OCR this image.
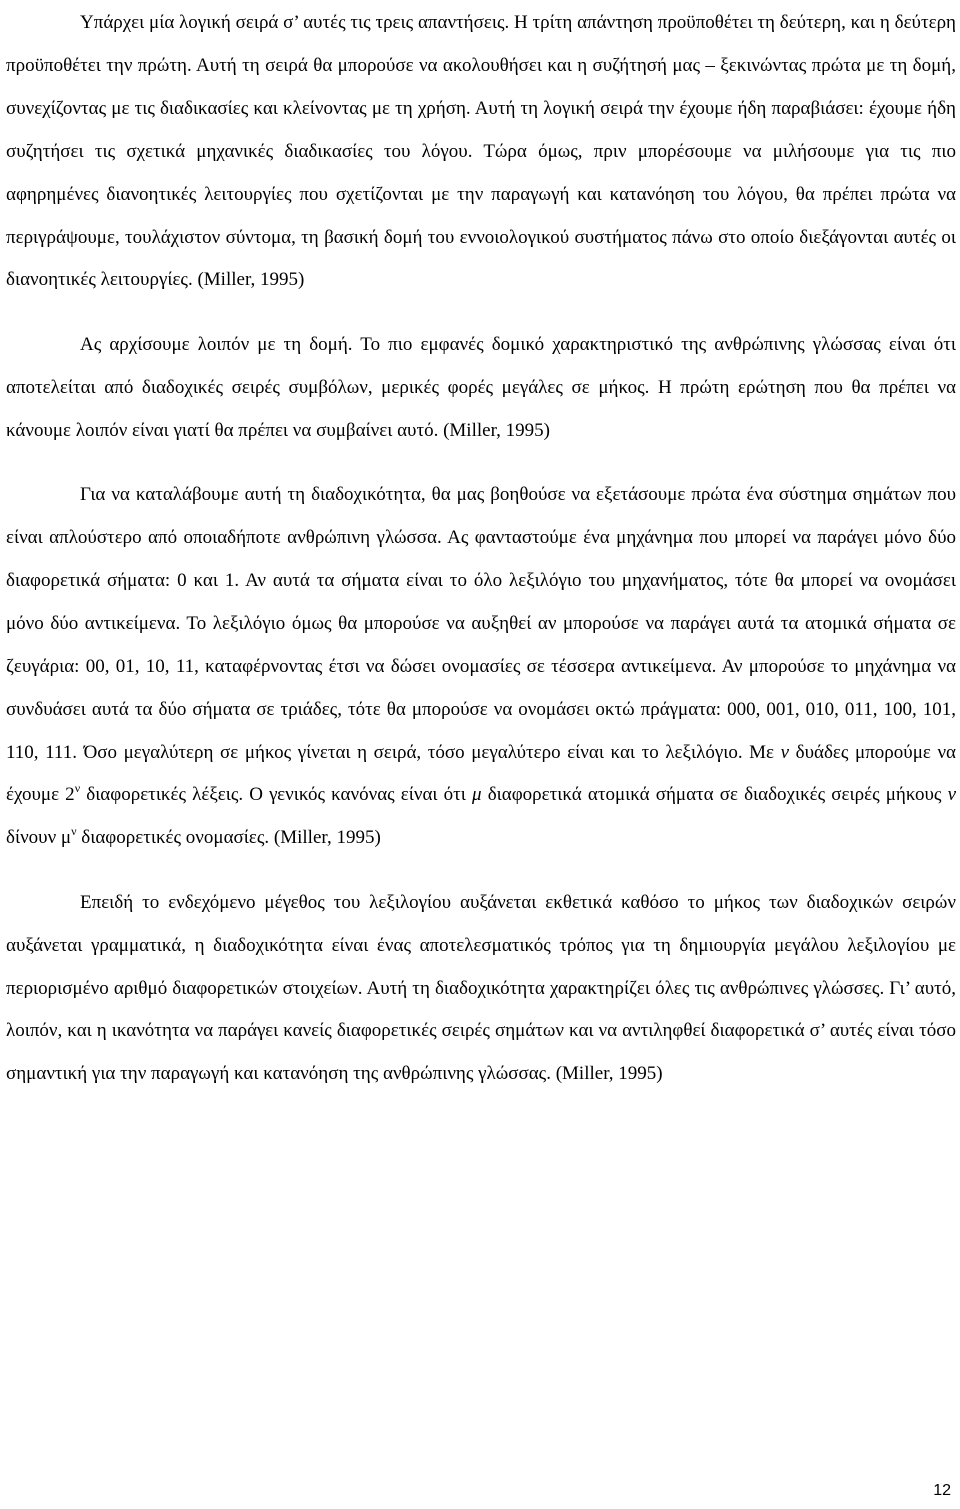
Υπάρχει μία λογική σειρά σ’ αυτές τις τρεις απαντήσεις. Η τρίτη απάντηση προϋποθέτει τη δεύτερη, και η δεύτερη προϋποθέτει την πρώτη. Αυτή τη σειρά θα μπορούσε να ακολουθήσει και η συζήτησή μας – ξεκινώντας πρώτα με τη δομή, συνεχίζοντας με τις διαδικασίες και κλείνοντας με τη χρήση. Αυτή τη λογική σειρά την έχουμε ήδη παραβιάσει: έχουμε ήδη συζητήσει τις σχετικά μηχανικές διαδικασίες του λόγου. Τώρα όμως, πριν μπορέσουμε να μιλήσουμε για τις πιο αφηρημένες διανοητικές λειτουργίες που σχετίζονται με την παραγωγή και κατανόηση του λόγου, θα πρέπει πρώτα να περιγράψουμε, τουλάχιστον σύντομα, τη βασική δομή του εννοιολογικού συστήματος πάνω στο οποίο διεξάγονται αυτές οι διανοητικές λειτουργίες. (Miller, 1995)

Ας αρχίσουμε λοιπόν με τη δομή. Το πιο εμφανές δομικό χαρακτηριστικό της ανθρώπινης γλώσσας είναι ότι αποτελείται από διαδοχικές σειρές συμβόλων, μερικές φορές μεγάλες σε μήκος. Η πρώτη ερώτηση που θα πρέπει να κάνουμε λοιπόν είναι γιατί θα πρέπει να συμβαίνει αυτό. (Miller, 1995)

Για να καταλάβουμε αυτή τη διαδοχικότητα, θα μας βοηθούσε να εξετάσουμε πρώτα ένα σύστημα σημάτων που είναι απλούστερο από οποιαδήποτε ανθρώπινη γλώσσα. Ας φανταστούμε ένα μηχάνημα που μπορεί να παράγει μόνο δύο διαφορετικά σήματα: 0 και 1. Αν αυτά τα σήματα είναι το όλο λεξιλόγιο του μηχανήματος, τότε θα μπορεί να ονομάσει μόνο δύο αντικείμενα. Το λεξιλόγιο όμως θα μπορούσε να αυξηθεί αν μπορούσε να παράγει αυτά τα ατομικά σήματα σε ζευγάρια: 00, 01, 10, 11, καταφέρνοντας έτσι να δώσει ονομασίες σε τέσσερα αντικείμενα. Αν μπορούσε το μηχάνημα να συνδυάσει αυτά τα δύο σήματα σε τριάδες, τότε θα μπορούσε να ονομάσει οκτώ πράγματα: 000, 001, 010, 011, 100, 101, 110, 111. Όσο μεγαλύτερη σε μήκος γίνεται η σειρά, τόσο μεγαλύτερο είναι και το λεξιλόγιο. Με ν δυάδες μπορούμε να έχουμε $2^\nu$ διαφορετικές λέξεις. Ο γενικός κανόνας είναι ότι μ διαφορετικά ατομικά σήματα σε διαδοχικές σειρές μήκους ν δίνουν $\mu^\nu$ διαφορετικές ονομασίες. (Miller, 1995)

Επειδή το ενδεχόμενο μέγεθος του λεξιλογίου αυξάνεται εκθετικά καθόσο το μήκος των διαδοχικών σειρών αυξάνεται γραμματικά, η διαδοχικότητα είναι ένας αποτελεσματικός τρόπος για τη δημιουργία μεγάλου λεξιλογίου με περιορισμένο αριθμό διαφορετικών στοιχείων. Αυτή τη διαδοχικότητα χαρακτηρίζει όλες τις ανθρώπινες γλώσσες. Γι’ αυτό, λοιπόν, και η ικανότητα να παράγει κανείς διαφορετικές σειρές σημάτων και να αντιληφθεί διαφορετικά σ’ αυτές είναι τόσο σημαντική για την παραγωγή και κατανόηση της ανθρώπινης γλώσσας. (Miller, 1995)

12
